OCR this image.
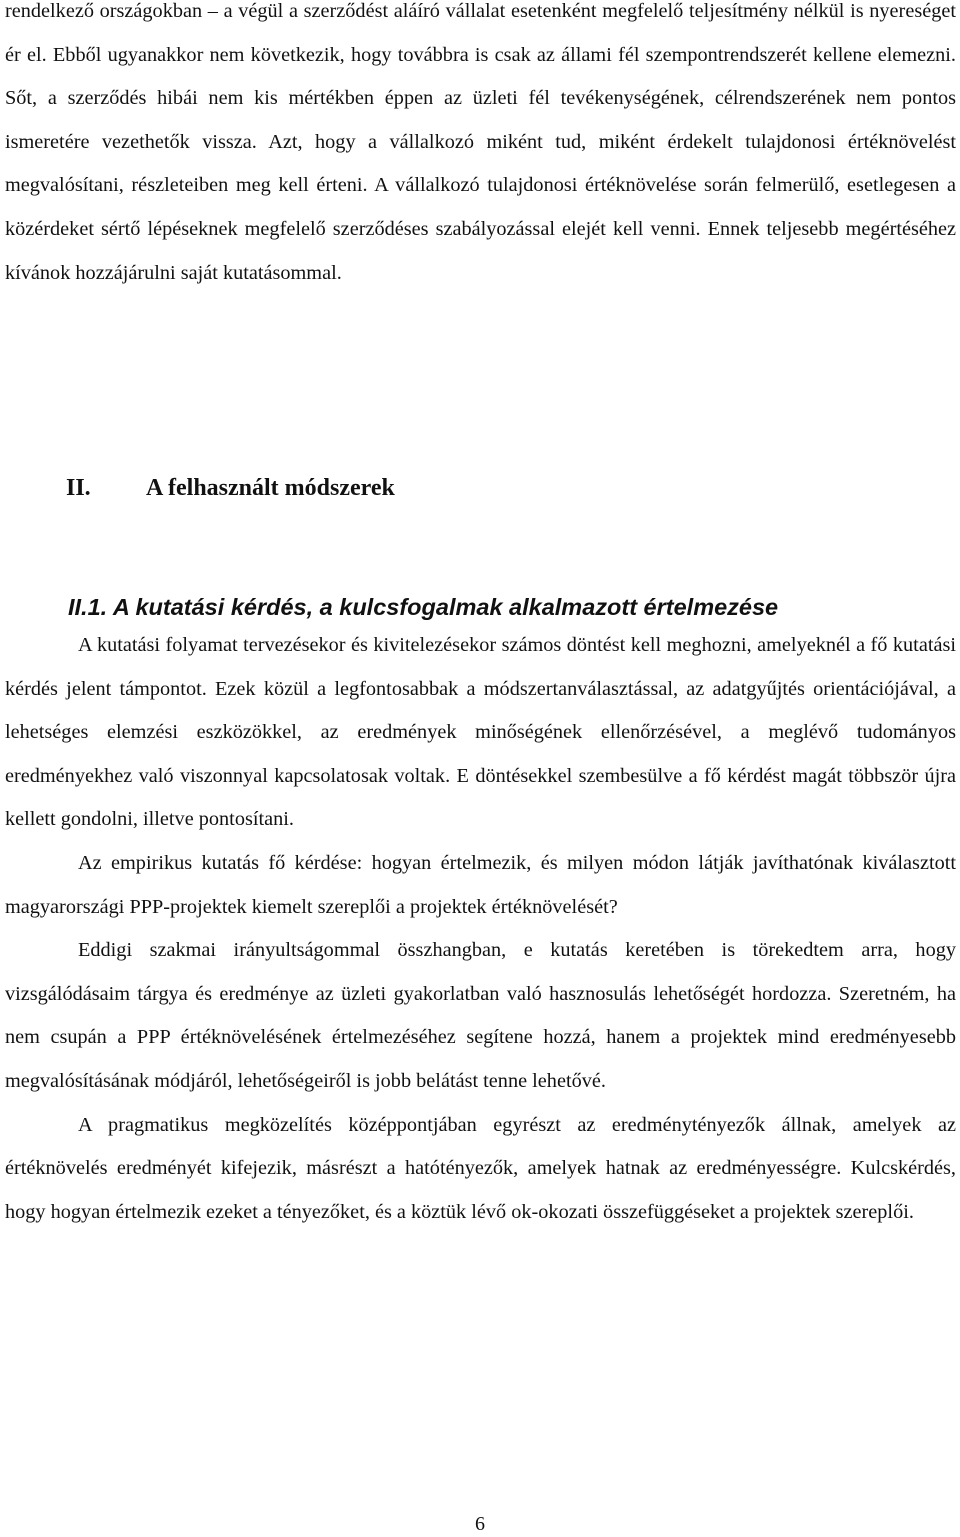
rendelkező országokban – a végül a szerződést aláíró vállalat esetenként megfelelő teljesítmény nélkül is nyereséget ér el. Ebből ugyanakkor nem következik, hogy továbbra is csak az állami fél szempontrendszerét kellene elemezni. Sőt, a szerződés hibái nem kis mértékben éppen az üzleti fél tevékenységének, célrendszerének nem pontos ismeretére vezethetők vissza. Azt, hogy a vállalkozó miként tud, miként érdekelt tulajdonosi értéknövelést megvalósítani, részleteiben meg kell érteni. A vállalkozó tulajdonosi értéknövelése során felmerülő, esetlegesen a közérdeket sértő lépéseknek megfelelő szerződéses szabályozással elejét kell venni. Ennek teljesebb megértéséhez kívánok hozzájárulni saját kutatásommal.

II. A felhasznált módszerek
II.1. A kutatási kérdés, a kulcsfogalmak alkalmazott értelmezése

A kutatási folyamat tervezésekor és kivitelezésekor számos döntést kell meghozni, amelyeknél a fő kutatási kérdés jelent támpontot. Ezek közül a legfontosabbak a módszertanválasztással, az adatgyűjtés orientációjával, a lehetséges elemzési eszközökkel, az eredmények minőségének ellenőrzésével, a meglévő tudományos eredményekhez való viszonnyal kapcsolatosak voltak. E döntésekkel szembesülve a fő kérdést magát többször újra kellett gondolni, illetve pontosítani.

Az empirikus kutatás fő kérdése: hogyan értelmezik, és milyen módon látják javíthatónak kiválasztott magyarországi PPP-projektek kiemelt szereplői a projektek értéknövelését?

Eddigi szakmai irányultságommal összhangban, e kutatás keretében is törekedtem arra, hogy vizsgálódásaim tárgya és eredménye az üzleti gyakorlatban való hasznosulás lehetőségét hordozza. Szeretném, ha nem csupán a PPP értéknövelésének értelmezéséhez segítene hozzá, hanem a projektek mind eredményesebb megvalósításának módjáról, lehetőségeiről is jobb belátást tenne lehetővé.

A pragmatikus megközelítés középpontjában egyrészt az eredménytényezők állnak, amelyek az értéknövelés eredményét kifejezik, másrészt a hatótényezők, amelyek hatnak az eredményességre. Kulcskérdés, hogy hogyan értelmezik ezeket a tényezőket, és a köztük lévő ok-okozati összefüggéseket a projektek szereplői.

6
